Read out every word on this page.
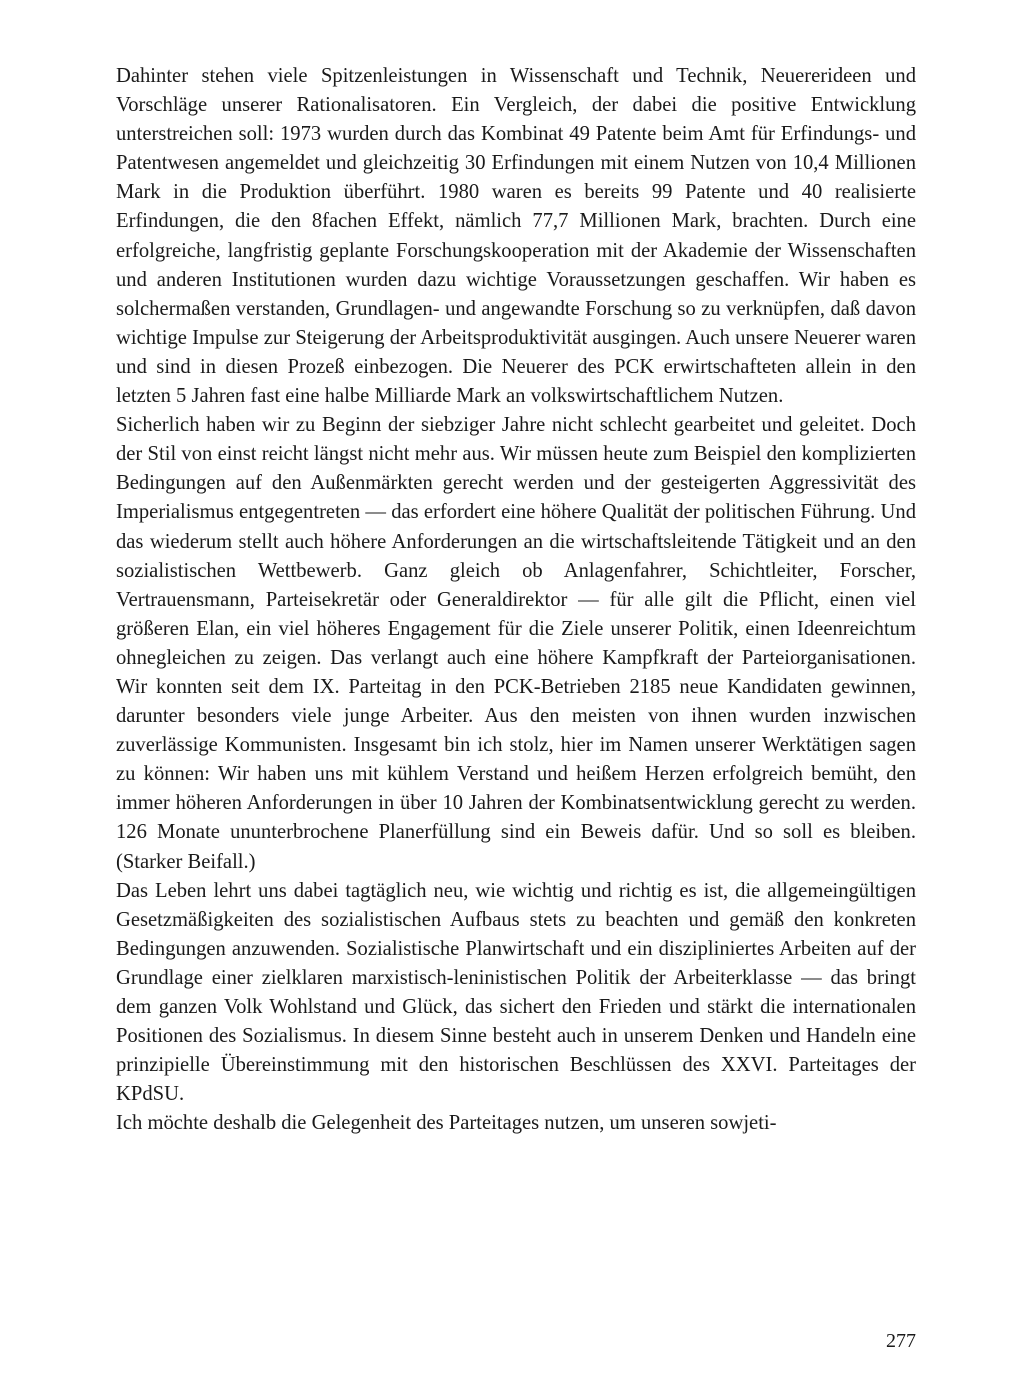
Dahinter stehen viele Spitzenleistungen in Wissenschaft und Technik, Neuererideen und Vorschläge unserer Rationalisatoren. Ein Vergleich, der dabei die positive Entwicklung unterstreichen soll: 1973 wurden durch das Kombinat 49 Patente beim Amt für Erfindungs- und Patentwesen angemeldet und gleichzeitig 30 Erfindungen mit einem Nutzen von 10,4 Millionen Mark in die Produktion überführt. 1980 waren es bereits 99 Patente und 40 realisierte Erfindungen, die den 8fachen Effekt, nämlich 77,7 Millionen Mark, brachten. Durch eine erfolgreiche, langfristig geplante Forschungskooperation mit der Akademie der Wissenschaften und anderen Institutionen wurden dazu wichtige Voraussetzungen geschaffen. Wir haben es solchermaßen verstanden, Grundlagen- und angewandte Forschung so zu verknüpfen, daß davon wichtige Impulse zur Steigerung der Arbeitsproduktivität ausgingen. Auch unsere Neuerer waren und sind in diesen Prozeß einbezogen. Die Neuerer des PCK erwirtschafteten allein in den letzten 5 Jahren fast eine halbe Milliarde Mark an volkswirtschaftlichem Nutzen.

Sicherlich haben wir zu Beginn der siebziger Jahre nicht schlecht gearbeitet und geleitet. Doch der Stil von einst reicht längst nicht mehr aus. Wir müssen heute zum Beispiel den komplizierten Bedingungen auf den Außenmärkten gerecht werden und der gesteigerten Aggressivität des Imperialismus entgegentreten — das erfordert eine höhere Qualität der politischen Führung. Und das wiederum stellt auch höhere Anforderungen an die wirtschaftsleitende Tätigkeit und an den sozialistischen Wettbewerb. Ganz gleich ob Anlagenfahrer, Schichtleiter, Forscher, Vertrauensmann, Parteisekretär oder Generaldirektor — für alle gilt die Pflicht, einen viel größeren Elan, ein viel höheres Engagement für die Ziele unserer Politik, einen Ideenreichtum ohnegleichen zu zeigen. Das verlangt auch eine höhere Kampfkraft der Parteiorganisationen. Wir konnten seit dem IX. Parteitag in den PCK-Betrieben 2185 neue Kandidaten gewinnen, darunter besonders viele junge Arbeiter. Aus den meisten von ihnen wurden inzwischen zuverlässige Kommunisten. Insgesamt bin ich stolz, hier im Namen unserer Werktätigen sagen zu können: Wir haben uns mit kühlem Verstand und heißem Herzen erfolgreich bemüht, den immer höheren Anforderungen in über 10 Jahren der Kombinatsentwicklung gerecht zu werden. 126 Monate ununterbrochene Planerfüllung sind ein Beweis dafür. Und so soll es bleiben. (Starker Beifall.)

Das Leben lehrt uns dabei tagtäglich neu, wie wichtig und richtig es ist, die allgemeingültigen Gesetzmäßigkeiten des sozialistischen Aufbaus stets zu beachten und gemäß den konkreten Bedingungen anzuwenden. Sozialistische Planwirtschaft und ein diszipliniertes Arbeiten auf der Grundlage einer zielklaren marxistisch-leninistischen Politik der Arbeiterklasse — das bringt dem ganzen Volk Wohlstand und Glück, das sichert den Frieden und stärkt die internationalen Positionen des Sozialismus. In diesem Sinne besteht auch in unserem Denken und Handeln eine prinzipielle Übereinstimmung mit den historischen Beschlüssen des XXVI. Parteitages der KPdSU.

Ich möchte deshalb die Gelegenheit des Parteitages nutzen, um unseren sowjeti-

277
